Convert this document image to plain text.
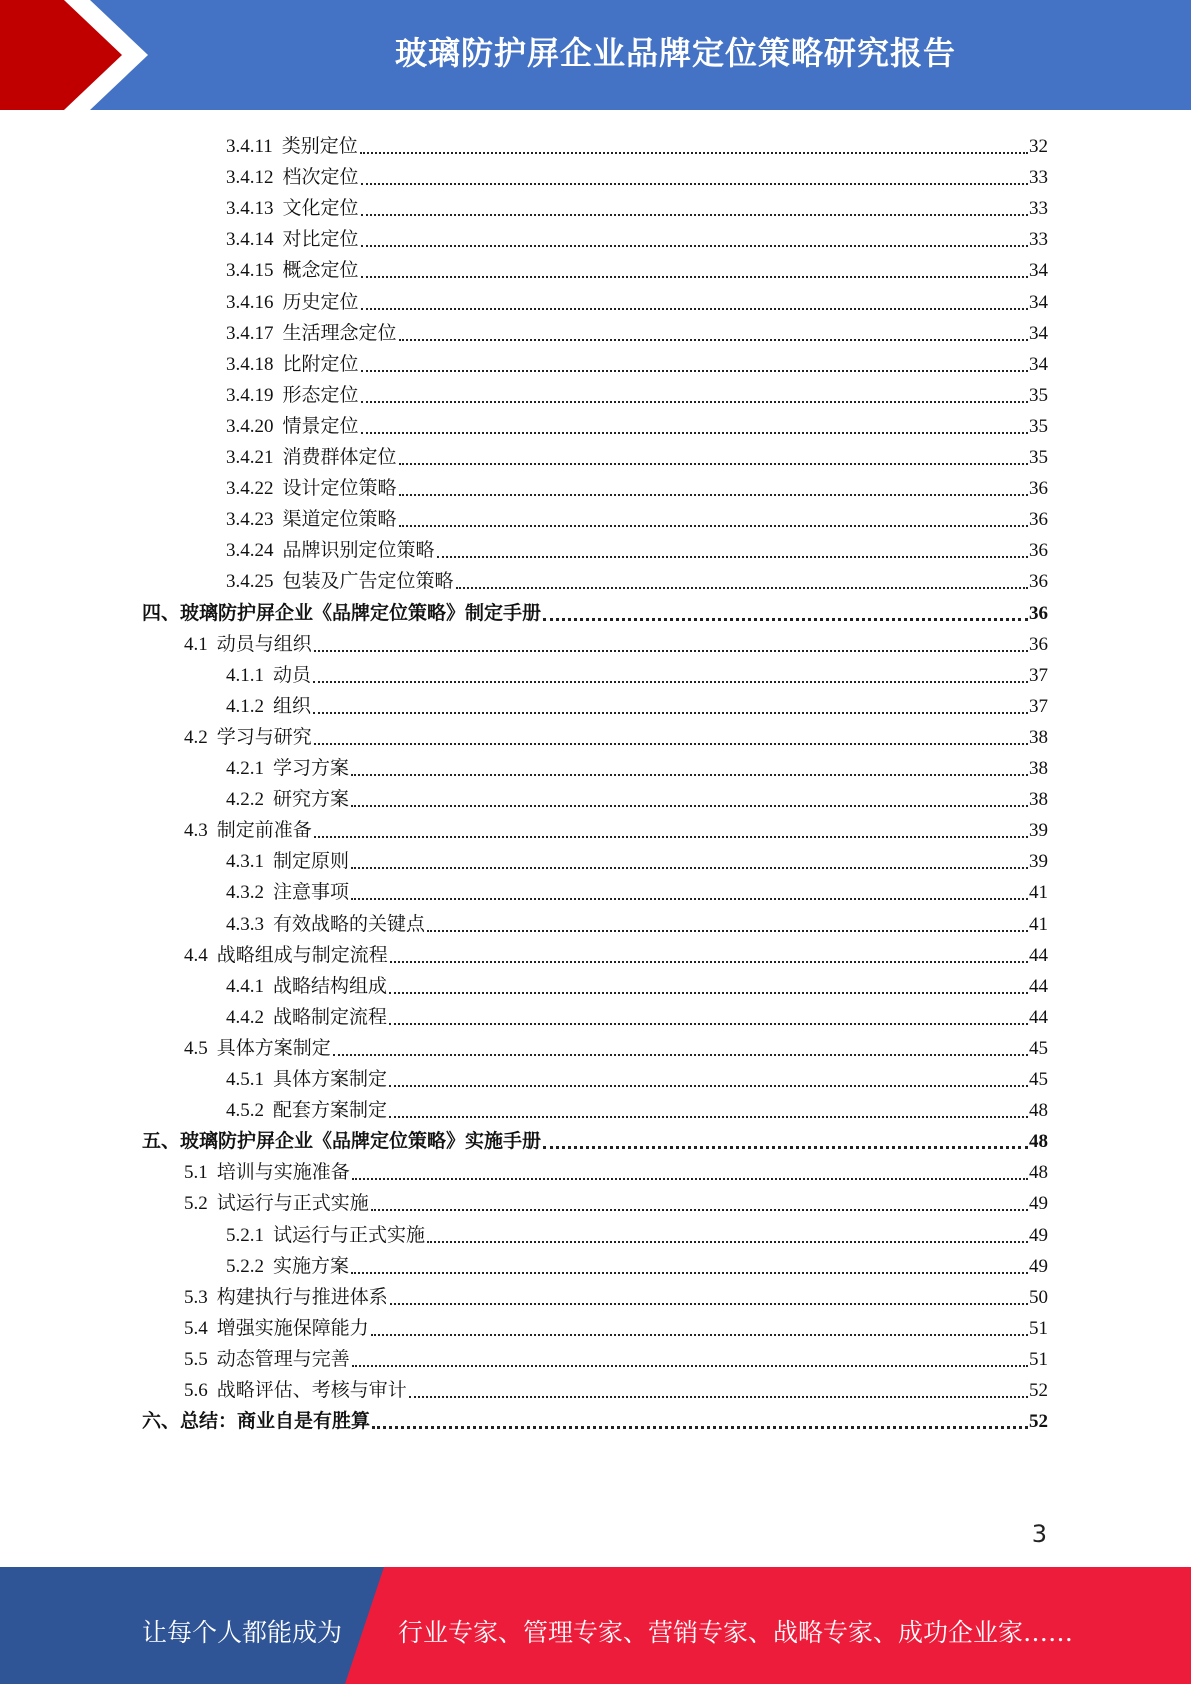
玻璃防护屏企业品牌定位策略研究报告
3.4.11 类别定位	32
3.4.12 档次定位	33
3.4.13 文化定位	33
3.4.14 对比定位	33
3.4.15 概念定位	34
3.4.16 历史定位	34
3.4.17 生活理念定位	34
3.4.18 比附定位	34
3.4.19 形态定位	35
3.4.20 情景定位	35
3.4.21 消费群体定位	35
3.4.22 设计定位策略	36
3.4.23 渠道定位策略	36
3.4.24 品牌识别定位策略	36
3.4.25 包装及广告定位策略	36
四、玻璃防护屏企业《品牌定位策略》制定手册	36
4.1 动员与组织	36
4.1.1 动员	37
4.1.2 组织	37
4.2 学习与研究	38
4.2.1 学习方案	38
4.2.2 研究方案	38
4.3 制定前准备	39
4.3.1 制定原则	39
4.3.2 注意事项	41
4.3.3 有效战略的关键点	41
4.4 战略组成与制定流程	44
4.4.1 战略结构组成	44
4.4.2 战略制定流程	44
4.5 具体方案制定	45
4.5.1 具体方案制定	45
4.5.2 配套方案制定	48
五、玻璃防护屏企业《品牌定位策略》实施手册	48
5.1 培训与实施准备	48
5.2 试运行与正式实施	49
5.2.1 试运行与正式实施	49
5.2.2 实施方案	49
5.3 构建执行与推进体系	50
5.4 增强实施保障能力	51
5.5 动态管理与完善	51
5.6 战略评估、考核与审计	52
六、总结：商业自是有胜算	52
3
让每个人都能成为 行业专家、管理专家、营销专家、战略专家、成功企业家……
